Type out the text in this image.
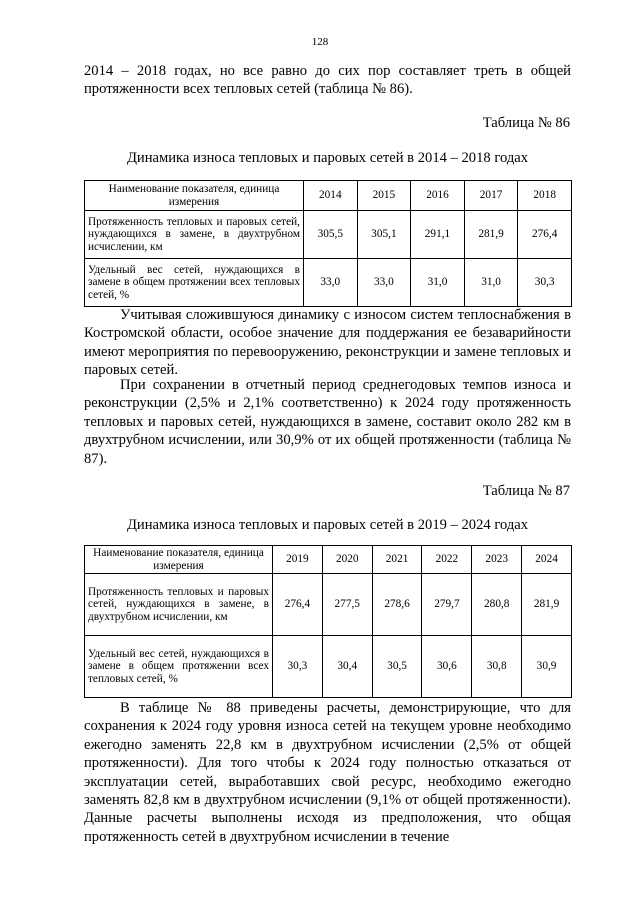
128

2014 – 2018 годах, но все равно до сих пор составляет треть в общей протяженности всех тепловых сетей (таблица № 86).

Таблица № 86

Динамика износа тепловых и паровых сетей в 2014 – 2018 годах

Наименование показателя, единица измерения	2014	2015	2016	2017	2018
Протяженность тепловых и паровых сетей, нуждающихся в замене, в двухтрубном исчислении, км	305,5	305,1	291,1	281,9	276,4
Удельный вес сетей, нуждающихся в замене в общем протяжении всех тепловых сетей, %	33,0	33,0	31,0	31,0	30,3

Учитывая сложившуюся динамику с износом систем теплоснабжения в Костромской области, особое значение для поддержания ее безаварийности имеют мероприятия по перевооружению, реконструкции и замене тепловых и паровых сетей.

При сохранении в отчетный период среднегодовых темпов износа и реконструкции (2,5% и 2,1% соответственно) к 2024 году протяженность тепловых и паровых сетей, нуждающихся в замене, составит около 282 км в двухтрубном исчислении, или 30,9% от их общей протяженности (таблица № 87).

Таблица № 87

Динамика износа тепловых и паровых сетей в 2019 – 2024 годах

Наименование показателя, единица измерения	2019	2020	2021	2022	2023	2024
Протяженность тепловых и паровых сетей, нуждающихся в замене, в двухтрубном исчислении, км	276,4	277,5	278,6	279,7	280,8	281,9
Удельный вес сетей, нуждающихся в замене в общем протяжении всех тепловых сетей, %	30,3	30,4	30,5	30,6	30,8	30,9

В таблице № 88 приведены расчеты, демонстрирующие, что для сохранения к 2024 году уровня износа сетей на текущем уровне необходимо ежегодно заменять 22,8 км в двухтрубном исчислении (2,5% от общей протяженности). Для того чтобы к 2024 году полностью отказаться от эксплуатации сетей, выработавших свой ресурс, необходимо ежегодно заменять 82,8 км в двухтрубном исчислении (9,1% от общей протяженности). Данные расчеты выполнены исходя из предположения, что общая протяженность сетей в двухтрубном исчислении в течение
